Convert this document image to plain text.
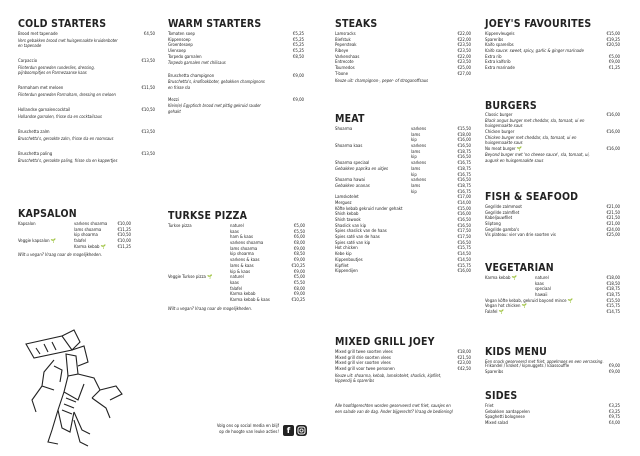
COLD STARTERS
Brood met tapenade	€4,50
Vers gebakken brood met huisgemaakte kruidenboter
en tapenade
Carpaccio	€13,50
Flinterdun gesneden runderlies, dressing,
pijnboompitjes en Parmezaanse kaas
Parmaham met meloen	€11,50
Flinterdun gesneden Parmaham, dressing en meloen
Hollandse garnalencocktail	€10,50
Hollandse garnalen, frisse sla en cocktailsaus
Bruschetta zalm	€13,50
Bruschetta's, gerookte zalm, frisse sla en roomsaus
Bruschetta paling	€13,50
Bruschetta's, gerookte paling, frisse sla en kappertjes
KAPSALON
Kapsalon	varkens shoarma €10,00
lams shoarma	€11,25
kip shoarma	€10,50
Veggie kapsalon 🌱	falafel	€10,00
Karma kebab 🌱	€11,25
Wilt u vegan? Vraag naar de mogelijkheden.
WARM STARTERS
Tomaten soep	€5,25
Kippensoep	€5,25
Groentesoep	€5,25
Uiensoep	€5,25
Torpedo garnalen	€8,50
Torpedo garnalen met chilisaus
Bruschetta champignon	€9,00
Bruschetta's, knoflookboter, gebakken champignons
en frisse sla
Mezzi	€9,00
Klein(e) Egyptisch brood met pittig gekruid rauder
gehakt
TURKSE PIZZA
Turkse pizza	naturel	€5,00
kaas	€5,50
ham & kaas	€6,00
varkens shoarma	€8,00
lams shoarma	€9,00
kip shoarma	€8,50
varkens & kaas	€9,00
lams & kaas	€10,25
kip & kaas	€9,00
Veggie Turkse pizza 🌱	naturel	€5,00
kaas	€5,50
falafel	€8,00
Karma kebab	€9,00
Karma kebab & kaas	€10,25
Wilt u vegan? Vraag naar de mogelijkheden.
Volg ons op social media en blijf
op de hoogte van leuke acties! f
STEAKS
Lamsracks	€22,00
Biefstuk	€22,00
Pepersteak	€23,50
Ribeye	€23,50
Varkenshaas	€22,00
Entrecote	€23,50
Tournedos	€25,00
T-bone	€27,00
Keuze uit: champignon-, peper- of stroganoffsaus
MEAT
Shoarma	varkens	€15,50
lams	€18,00
kip	€16,00
Shoarma kaas	varkens	€16,50
lams	€18,75
kip	€16,50
Shoarma speciaal	varkens	€16,75
Gebakken paprika en uitjes	lams	€18,75
kip	€16,75
Shoarma hawai	varkens	€16,50
Gebakken ananas	lams	€18,75
kip	€16,75
Lamskotelet	€17,00
Merguez	€14,00
Köfte kebab gekruid runder gehakt	€15,00
Shish kebab	€16,00
Shish tawook	€16,50
Shaslick van kip	€16,50
Spies shaslick van de haas	€17,50
Spies saté van de haas	€17,50
Spies saté van kip	€16,50
Hot chicken	€15,75
Kebe kip	€14,50
Kippenboutjes	€14,50
Kipfilet	€15,75
Kippendijen	€16,00
MIXED GRILL JOEY
Mixed grill twee soorten vlees	€18,00
Mixed grill drie soorten vlees	€21,50
Mixed grill vier soorten vlees	€23,00
Mixed grill voor twee personen	€42,50
Keuze uit: shoarma, kebab, lamskotelet, shaslick, kipfilet,
kippendij & spareribs
Alle hoofdgerechten worden geserveerd met friet, sausjes en
een salade van de dag. Ander bijgerecht? Vraag de bediening!
JOEY'S FAVOURITES
Kippenvleugels	€15,00
Spareribs	€19,25
Kaifo spareribs	€20,50
Kaifo sauce: sweet, spicy, garlic & ginger marinade
Extra rib	€5,00
Extra kalfsrib	€9,00
Extra marinade	€1,25
BURGERS
Classic burger	€16,00
Black angus burger met cheddar, sla, tomaat, ui en
huisgemaakte saus
Chicken burger	€16,00
Chicken burger met cheddar, sla, tomaat, ui en
huisgemaakte saus
No meat burger 🌱	€16,00
Beyond burger met 'no cheese sauce', sla, tomaat, ui,
augurk en huisgemaakte saus
FISH & SEAFOOD
Gegrilde zalmmoot	€21,00
Gegrilde zalmfilet	€21,50
Kabeljauwfilet	€21,50
Sliptong	€21,00
Gegrilde gamba's	€24,00
Vis plateau: vier van drie soorten vis	€25,00
VEGETARIAN
Karma kebab 🌱	naturel	€18,00
kaas	€18,50
speciaal	€18,75
hawaii	€18,75
Vegan köfte kebab, gekruid bayond mince 🌱	€15,50
Vegan hot chicken 🌱	€15,75
Falafel 🌱	€14,75
KIDS MENU
Een snack geserveerd met friet, appelmoes en een verrassing.
Frikandel / kroket / kipnuggets / kaassouffle	€9,00
Spareribs	€9,00
SIDES
Friet	€3,25
Gebakken aardappelen	€3,25
Spaghetti bolognese	€9,75
Mixed salad	€4,00
